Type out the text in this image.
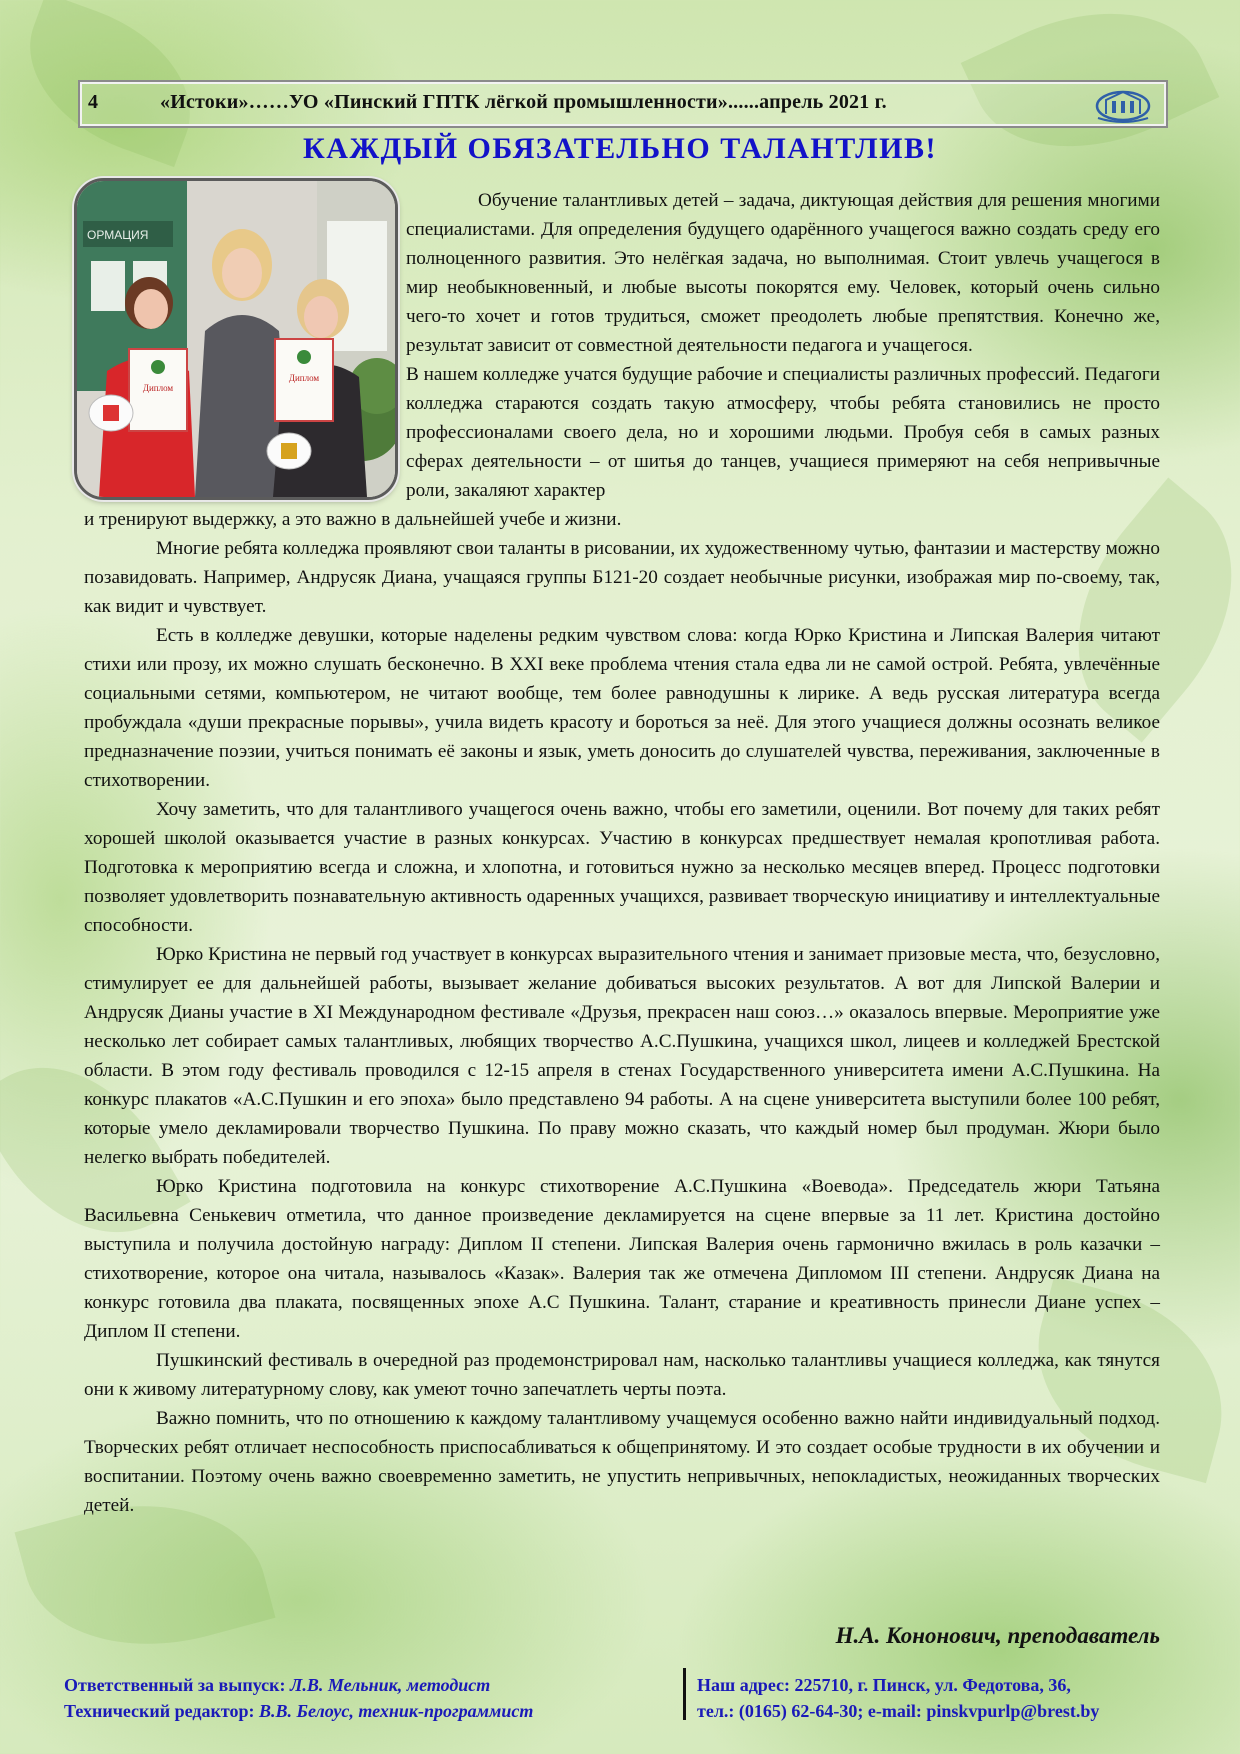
4	«Истоки»……УО «Пинский ГПТК лёгкой промышленности»......апрель 2021 г.
КАЖДЫЙ ОБЯЗАТЕЛЬНО ТАЛАНТЛИВ!
ОРМАЦИЯ
Диплом
Диплом

Обучение талантливых детей – задача, диктующая действия для решения многими специалистами. Для определения будущего одарённого учащегося важно создать среду его полноценного развития. Это нелёгкая задача, но выполнимая. Стоит увлечь учащегося в мир необыкновенный, и любые высоты покорятся ему. Человек, который очень сильно чего-то хочет и готов трудиться, сможет преодолеть любые препятствия. Конечно же, результат зависит от совместной деятельности педагога и учащегося.

В нашем колледже учатся будущие рабочие и специалисты различных профессий. Педагоги колледжа стараются создать такую атмосферу, чтобы ребята становились не просто профессионалами своего дела, но и хорошими людьми. Пробуя себя в самых разных сферах деятельности – от шитья до танцев, учащиеся примеряют на себя непривычные роли, закаляют характер

и тренируют выдержку, а это важно в дальнейшей учебе и жизни.

Многие ребята колледжа проявляют свои таланты в рисовании, их художественному чутью, фантазии и мастерству можно позавидовать. Например, Андрусяк Диана, учащаяся группы Б121-20 создает необычные рисунки, изображая мир по-своему, так, как видит и чувствует.

Есть в колледже девушки, которые наделены редким чувством слова: когда Юрко Кристина и Липская Валерия читают стихи или прозу, их можно слушать бесконечно. В XXI веке проблема чтения стала едва ли не самой острой. Ребята, увлечённые социальными сетями, компьютером, не читают вообще, тем более равнодушны к лирике. А ведь русская литература всегда пробуждала «души прекрасные порывы», учила видеть красоту и бороться за неё. Для этого учащиеся должны осознать великое предназначение поэзии, учиться понимать её законы и язык, уметь доносить до слушателей чувства, переживания, заключенные в стихотворении.

Хочу заметить, что для талантливого учащегося очень важно, чтобы его заметили, оценили. Вот почему для таких ребят хорошей школой оказывается участие в разных конкурсах. Участию в конкурсах предшествует немалая кропотливая работа. Подготовка к мероприятию всегда и сложна, и хлопотна, и готовиться нужно за несколько месяцев вперед. Процесс подготовки позволяет удовлетворить познавательную активность одаренных учащихся, развивает творческую инициативу и интеллектуальные способности.

Юрко Кристина не первый год участвует в конкурсах выразительного чтения и занимает призовые места, что, безусловно, стимулирует ее для дальнейшей работы, вызывает желание добиваться высоких результатов. А вот для Липской Валерии и Андрусяк Дианы участие в XI Международном фестивале «Друзья, прекрасен наш союз…» оказалось впервые. Мероприятие уже несколько лет собирает самых талантливых, любящих творчество А.С.Пушкина, учащихся школ, лицеев и колледжей Брестской области. В этом году фестиваль проводился с 12-15 апреля в стенах Государственного университета имени А.С.Пушкина. На конкурс плакатов «А.С.Пушкин и его эпоха» было представлено 94 работы. А на сцене университета выступили более 100 ребят, которые умело декламировали творчество Пушкина. По праву можно сказать, что каждый номер был продуман. Жюри было нелегко выбрать победителей.

Юрко Кристина подготовила на конкурс стихотворение А.С.Пушкина «Воевода». Председатель жюри Татьяна Васильевна Сенькевич отметила, что данное произведение декламируется на сцене впервые за 11 лет. Кристина достойно выступила и получила достойную награду: Диплом II степени. Липская Валерия очень гармонично вжилась в роль казачки – стихотворение, которое она читала, называлось «Казак». Валерия так же отмечена Дипломом III степени. Андрусяк Диана на конкурс готовила два плаката, посвященных эпохе А.С Пушкина. Талант, старание и креативность принесли Диане успех – Диплом II степени.

Пушкинский фестиваль в очередной раз продемонстрировал нам, насколько талантливы учащиеся колледжа, как тянутся они к живому литературному слову, как умеют точно запечатлеть черты поэта.

Важно помнить, что по отношению к каждому талантливому учащемуся особенно важно найти индивидуальный подход. Творческих ребят отличает неспособность приспосабливаться к общепринятому. И это создает особые трудности в их обучении и воспитании. Поэтому очень важно своевременно заметить, не упустить непривычных, непокладистых, неожиданных творческих детей.

Н.А. Кононович, преподаватель
Ответственный за выпуск: Л.В. Мельник, методист
Технический редактор: В.В. Белоус, техник-программист
Наш адрес: 225710, г. Пинск, ул. Федотова, 36,
тел.: (0165) 62-64-30; e-mail: pinskvpurlp@brest.by
